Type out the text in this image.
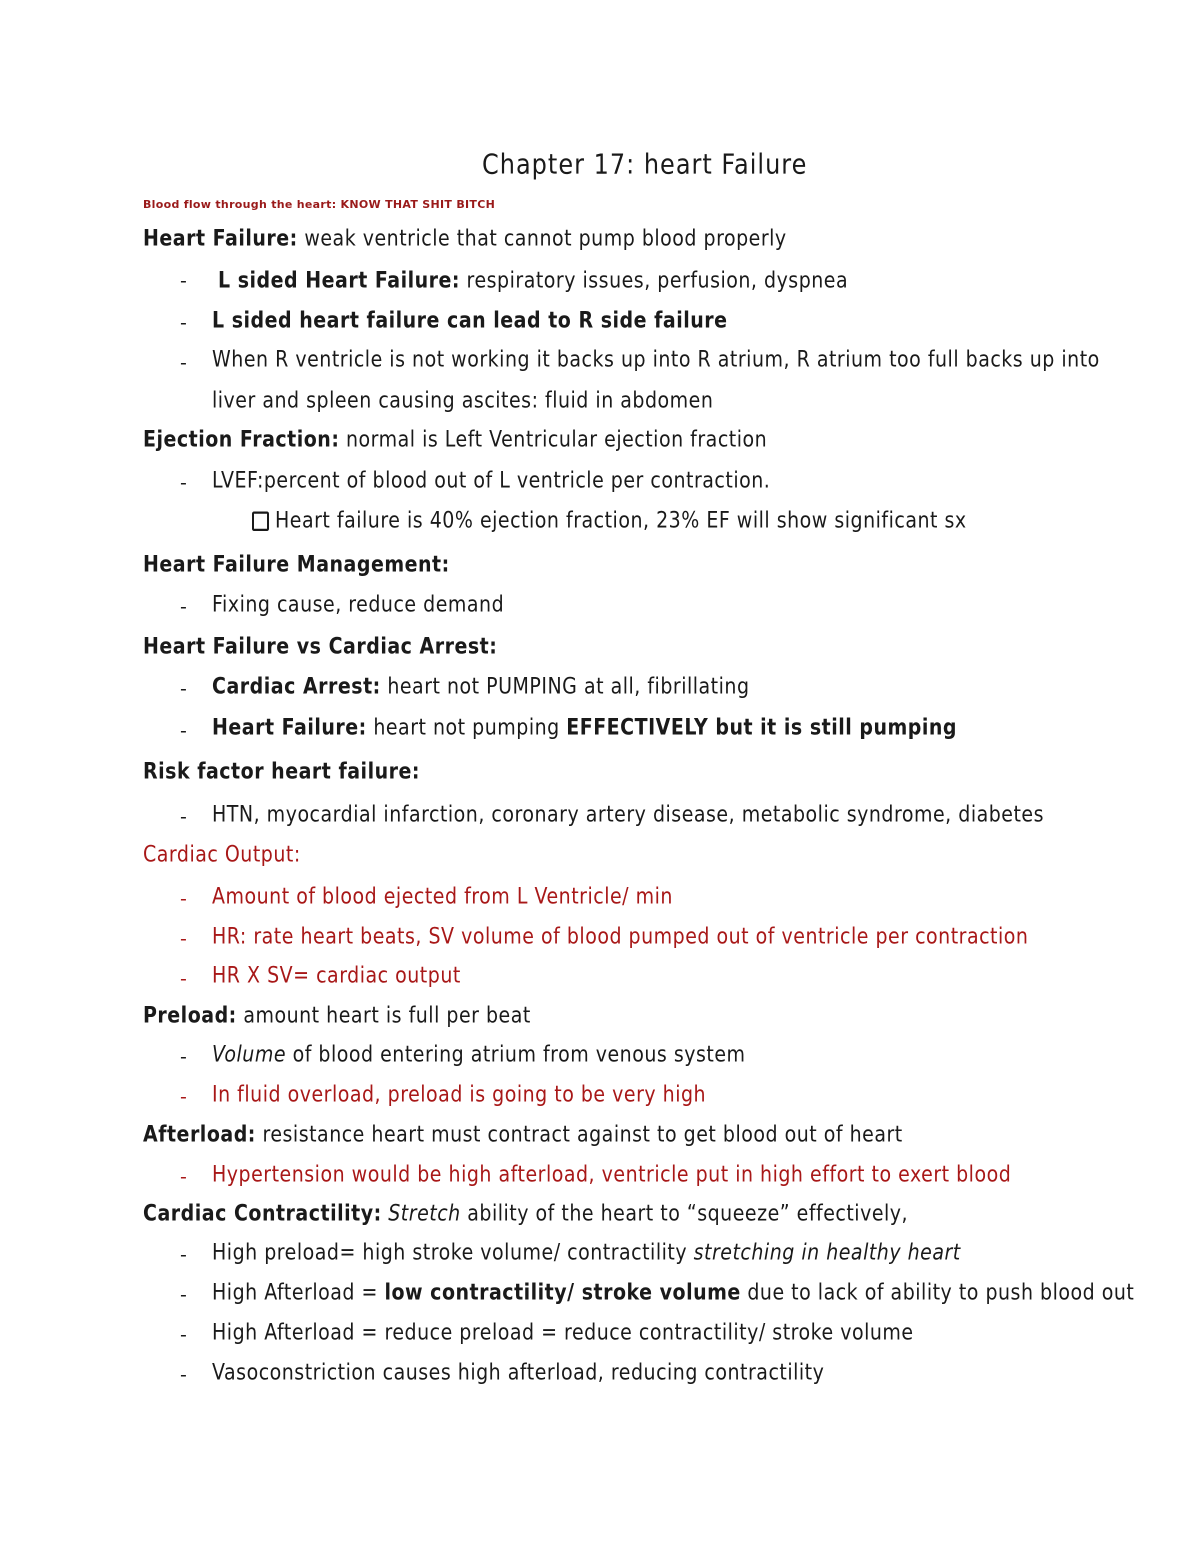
Chapter 17: heart Failure
Blood flow through the heart: KNOW THAT SHIT BITCH
Heart Failure: weak ventricle that cannot pump blood properly
- L sided Heart Failure: respiratory issues, perfusion, dyspnea
- L sided heart failure can lead to R side failure
- When R ventricle is not working it backs up into R atrium, R atrium too full backs up into
liver and spleen causing ascites: fluid in abdomen
Ejection Fraction: normal is Left Ventricular ejection fraction
- LVEF:percent of blood out of L ventricle per contraction.
Heart failure is 40% ejection fraction, 23% EF will show significant sx
Heart Failure Management:
- Fixing cause, reduce demand
Heart Failure vs Cardiac Arrest:
- Cardiac Arrest: heart not PUMPING at all, fibrillating
- Heart Failure: heart not pumping EFFECTIVELY but it is still pumping
Risk factor heart failure:
- HTN, myocardial infarction, coronary artery disease, metabolic syndrome, diabetes
Cardiac Output:
- Amount of blood ejected from L Ventricle/ min
- HR: rate heart beats, SV volume of blood pumped out of ventricle per contraction
- HR X SV= cardiac output
Preload: amount heart is full per beat
- Volume of blood entering atrium from venous system
- In fluid overload, preload is going to be very high
Afterload: resistance heart must contract against to get blood out of heart
- Hypertension would be high afterload, ventricle put in high effort to exert blood
Cardiac Contractility: Stretch ability of the heart to “squeeze” effectively,
- High preload= high stroke volume/ contractility stretching in healthy heart
- High Afterload = low contractility/ stroke volume due to lack of ability to push blood out
- High Afterload = reduce preload = reduce contractility/ stroke volume
- Vasoconstriction causes high afterload, reducing contractility
